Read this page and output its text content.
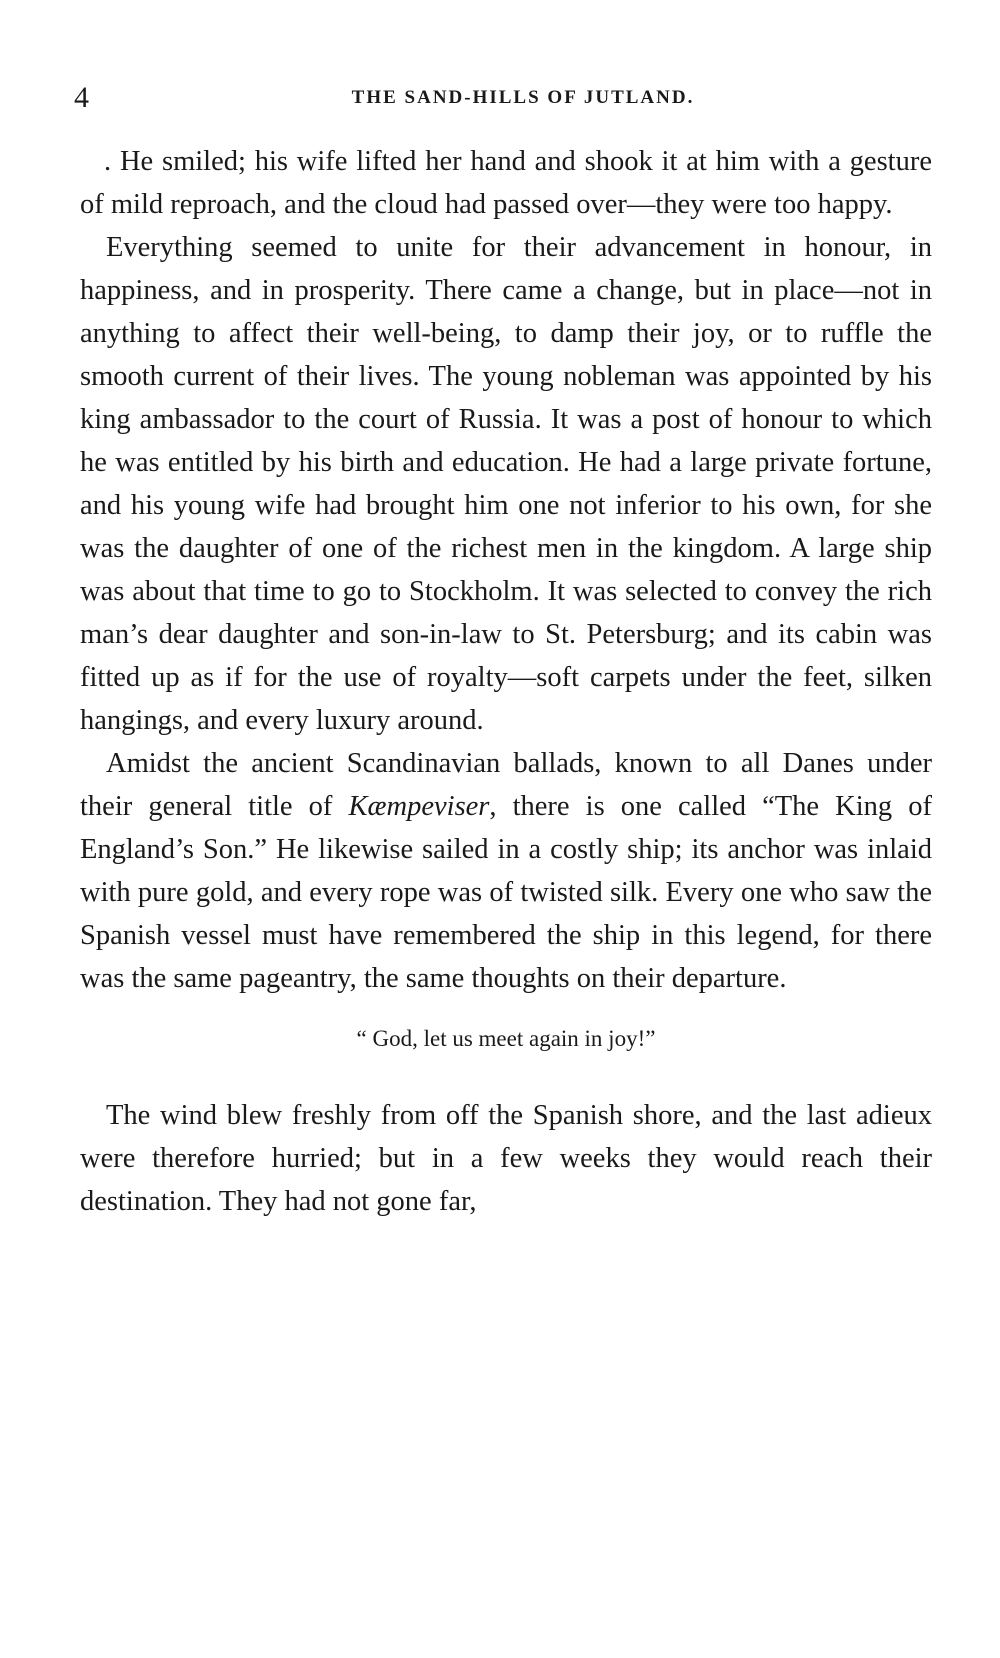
4	THE SAND-HILLS OF JUTLAND.

. He smiled; his wife lifted her hand and shook it at him with a gesture of mild reproach, and the cloud had passed over—they were too happy.

Everything seemed to unite for their advancement in honour, in happiness, and in prosperity. There came a change, but in place—not in anything to affect their well-being, to damp their joy, or to ruffle the smooth current of their lives. The young nobleman was appointed by his king ambassador to the court of Russia. It was a post of honour to which he was entitled by his birth and education. He had a large private fortune, and his young wife had brought him one not inferior to his own, for she was the daughter of one of the richest men in the kingdom. A large ship was about that time to go to Stockholm. It was selected to convey the rich man’s dear daughter and son-in-law to St. Petersburg; and its cabin was fitted up as if for the use of royalty—soft carpets under the feet, silken hangings, and every luxury around.

Amidst the ancient Scandinavian ballads, known to all Danes under their general title of Kæmpeviser, there is one called “The King of England’s Son.” He likewise sailed in a costly ship; its anchor was inlaid with pure gold, and every rope was of twisted silk. Every one who saw the Spanish vessel must have remembered the ship in this legend, for there was the same pageantry, the same thoughts on their departure.

“ God, let us meet again in joy!”

The wind blew freshly from off the Spanish shore, and the last adieux were therefore hurried; but in a few weeks they would reach their destination. They had not gone far,
